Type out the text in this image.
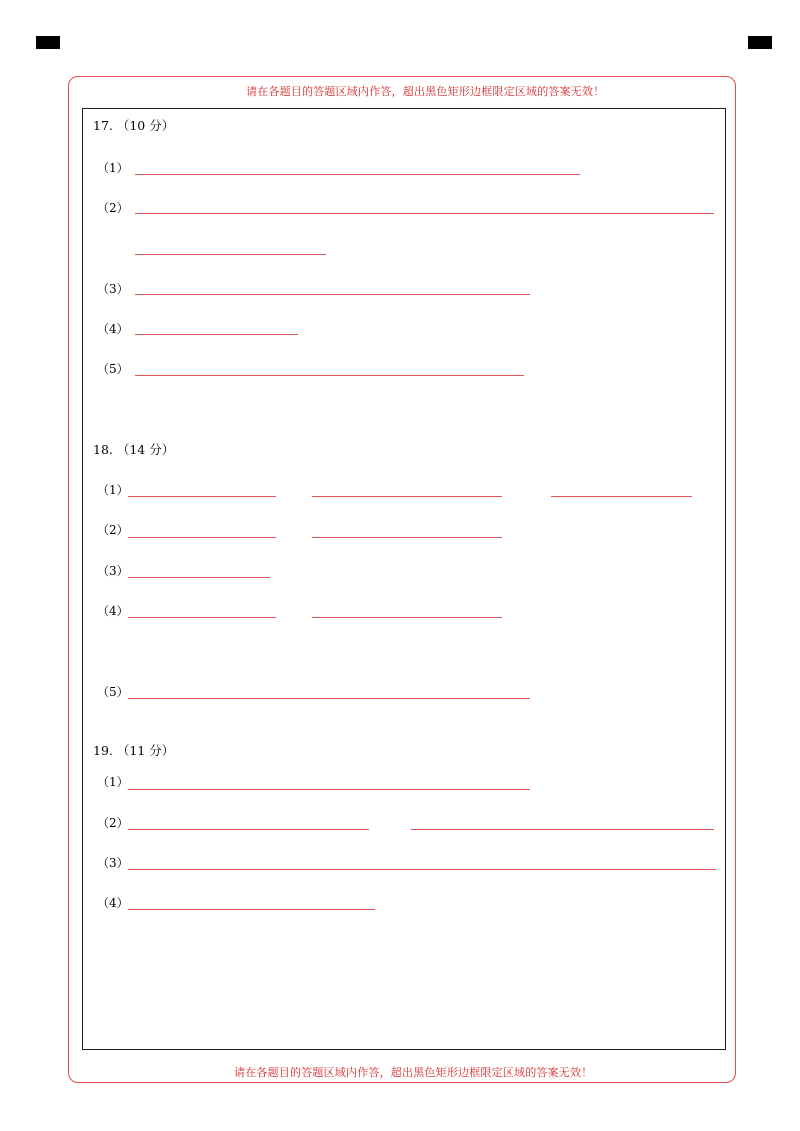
请在各题目的答题区域内作答，超出黑色矩形边框限定区域的答案无效！
请在各题目的答题区域内作答，超出黑色矩形边框限定区域的答案无效！
17. （10 分）
（1）
（2）
（3）
（4）
（5）
18. （14 分）
（1）
（2）
（3）
（4）
（5）
19. （11 分）
（1）
（2）
（3）
（4）
